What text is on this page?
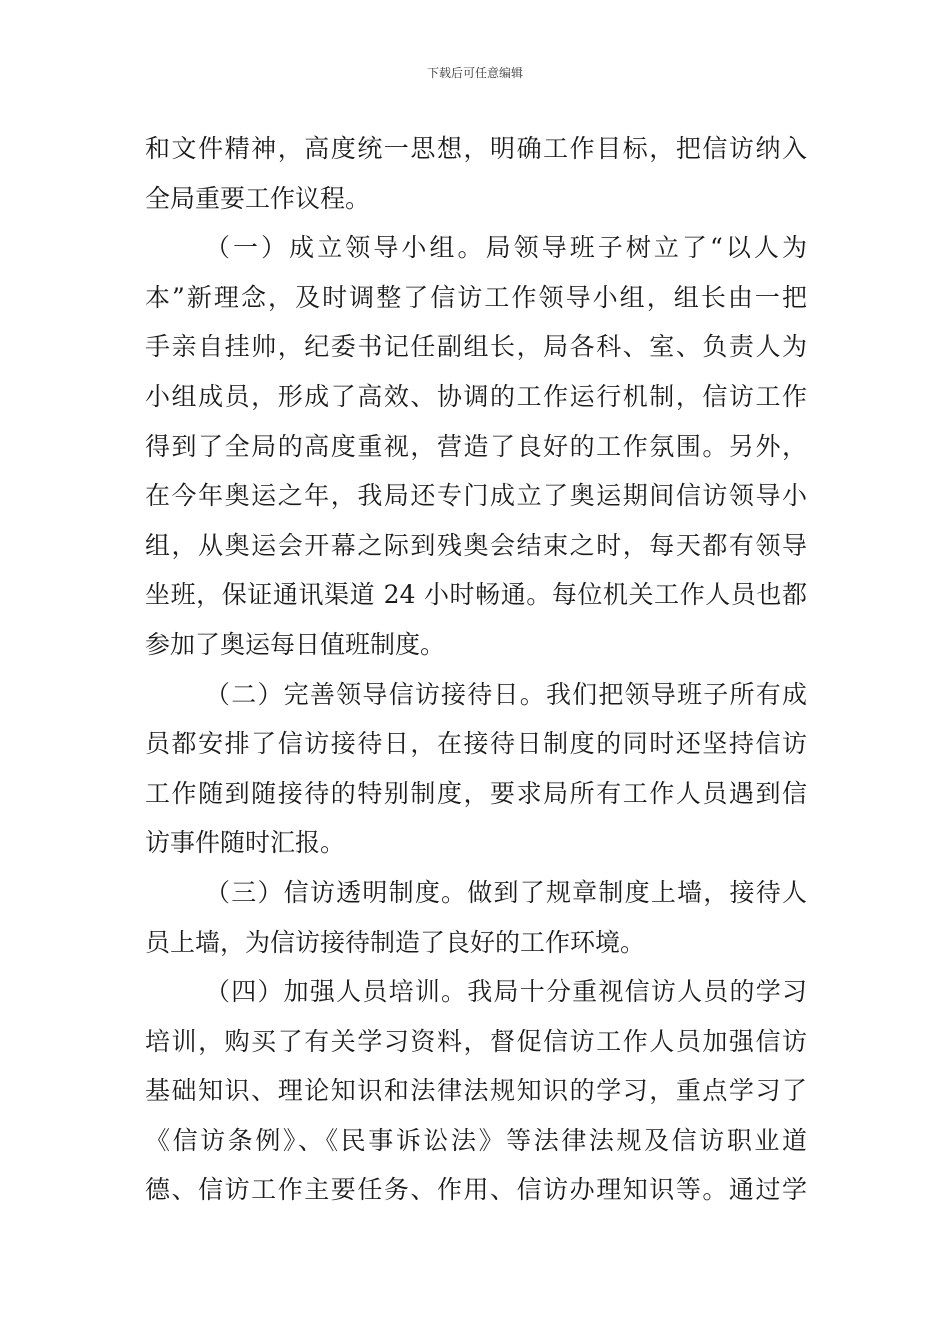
下载后可任意编辑
和文件精神，高度统一思想，明确工作目标，把信访纳入
全局重要工作议程。
（一）成立领导小组。局领导班子树立了“以人为
本”新理念，及时调整了信访工作领导小组，组长由一把
手亲自挂帅，纪委书记任副组长，局各科、室、负责人为
小组成员，形成了高效、协调的工作运行机制，信访工作
得到了全局的高度重视，营造了良好的工作氛围。另外，
在今年奥运之年，我局还专门成立了奥运期间信访领导小
组，从奥运会开幕之际到残奥会结束之时，每天都有领导
坐班，保证通讯渠道 24 小时畅通。每位机关工作人员也都
参加了奥运每日值班制度。
（二）完善领导信访接待日。我们把领导班子所有成
员都安排了信访接待日，在接待日制度的同时还坚持信访
工作随到随接待的特别制度，要求局所有工作人员遇到信
访事件随时汇报。
（三）信访透明制度。做到了规章制度上墙，接待人
员上墙，为信访接待制造了良好的工作环境。
（四）加强人员培训。我局十分重视信访人员的学习
培训，购买了有关学习资料，督促信访工作人员加强信访
基础知识、理论知识和法律法规知识的学习，重点学习了
《信访条例》、《民事诉讼法》等法律法规及信访职业道
德、信访工作主要任务、作用、信访办理知识等。通过学
